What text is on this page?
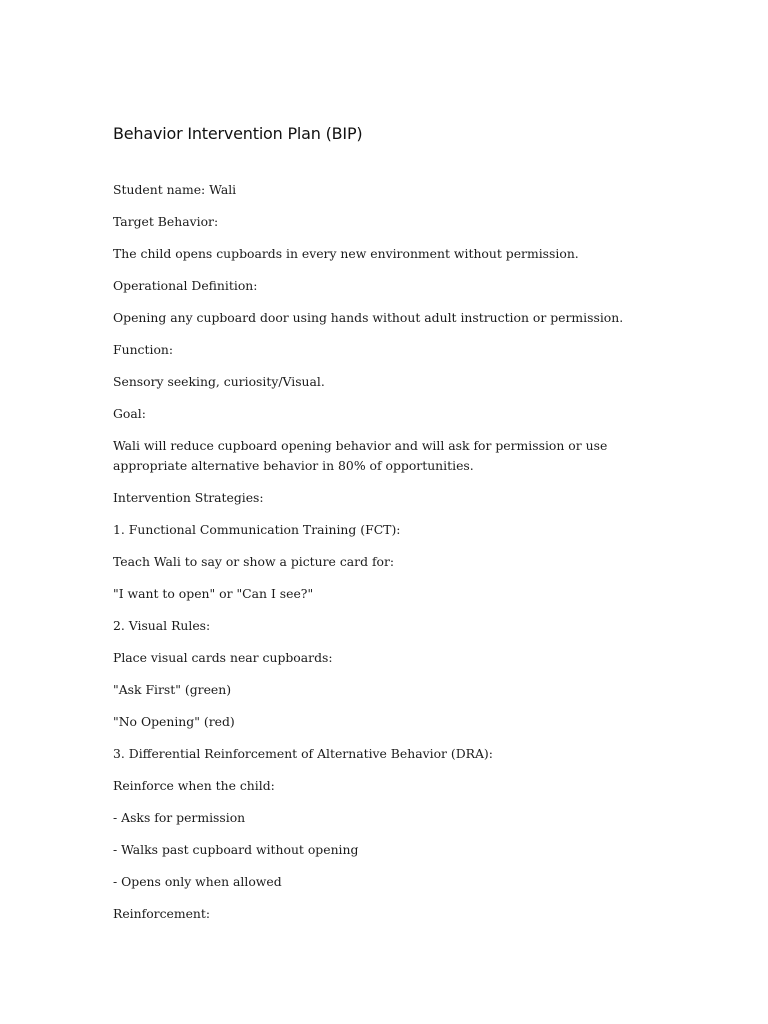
Behavior Intervention Plan (BIP)

Student name: Wali

Target Behavior:

The child opens cupboards in every new environment without permission.

Operational Definition:

Opening any cupboard door using hands without adult instruction or permission.

Function:

Sensory seeking, curiosity/Visual.

Goal:

Wali will reduce cupboard opening behavior and will ask for permission or use appropriate alternative behavior in 80% of opportunities.

Intervention Strategies:

1. Functional Communication Training (FCT):

Teach Wali to say or show a picture card for:

"I want to open" or "Can I see?"

2. Visual Rules:

Place visual cards near cupboards:

"Ask First" (green)

"No Opening" (red)

3. Differential Reinforcement of Alternative Behavior (DRA):

Reinforce when the child:

- Asks for permission

- Walks past cupboard without opening

- Opens only when allowed

Reinforcement:
